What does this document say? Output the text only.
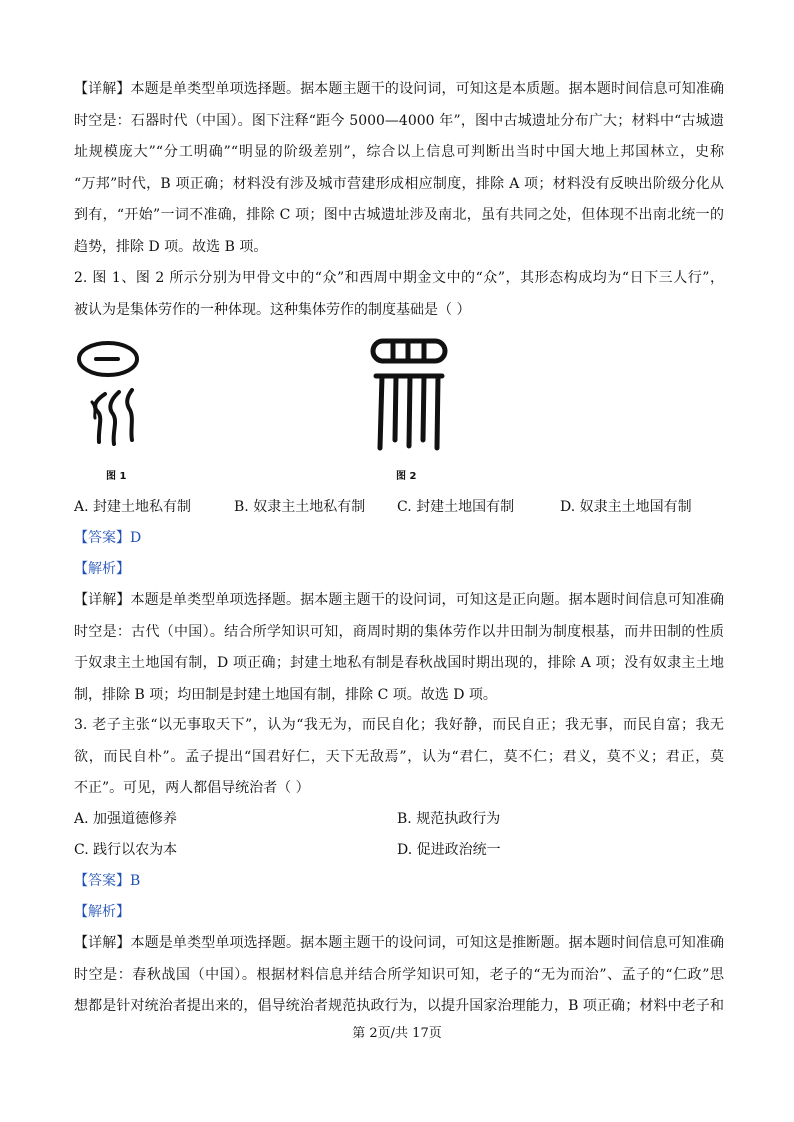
【详解】本题是单类型单项选择题。据本题主题干的设问词，可知这是本质题。据本题时间信息可知准确
时空是：石器时代（中国）。图下注释“距今 5000—4000 年”，图中古城遗址分布广大；材料中“古城遗
址规模庞大”“分工明确”“明显的阶级差别”，综合以上信息可判断出当时中国大地上邦国林立，史称
“万邦”时代，B 项正确；材料没有涉及城市营建形成相应制度，排除 A 项；材料没有反映出阶级分化从
到有，“开始”一词不准确，排除 C 项；图中古城遗址涉及南北，虽有共同之处，但体现不出南北统一的
趋势，排除 D 项。故选 B 项。
2. 图 1、图 2 所示分别为甲骨文中的“众”和西周中期金文中的“众”，其形态构成均为“日下三人行”，
被认为是集体劳作的一种体现。这种集体劳作的制度基础是（ ）
图 1	图 2
A. 封建土地私有制	B. 奴隶主土地私有制 C. 封建土地国有制	D. 奴隶主土地国有制
【答案】D
【解析】
【详解】本题是单类型单项选择题。据本题主题干的设问词，可知这是正向题。据本题时间信息可知准确
时空是：古代（中国）。结合所学知识可知，商周时期的集体劳作以井田制为制度根基，而井田制的性质
于奴隶主土地国有制，D 项正确；封建土地私有制是春秋战国时期出现的，排除 A 项；没有奴隶主土地
制，排除 B 项；均田制是封建土地国有制，排除 C 项。故选 D 项。
3. 老子主张“以无事取天下”，认为“我无为，而民自化；我好静，而民自正；我无事，而民自富；我无
欲，而民自朴”。孟子提出“国君好仁，天下无敌焉”，认为“君仁，莫不仁；君义，莫不义；君正，莫
不正”。可见，两人都倡导统治者（ ）
A. 加强道德修养	B. 规范执政行为
C. 践行以农为本	D. 促进政治统一
【答案】B
【解析】
【详解】本题是单类型单项选择题。据本题主题干的设问词，可知这是推断题。据本题时间信息可知准确
时空是：春秋战国（中国）。根据材料信息并结合所学知识可知，老子的“无为而治”、孟子的“仁政”思
想都是针对统治者提出来的，倡导统治者规范执政行为，以提升国家治理能力，B 项正确；材料中老子和
第 2页/共 17页
